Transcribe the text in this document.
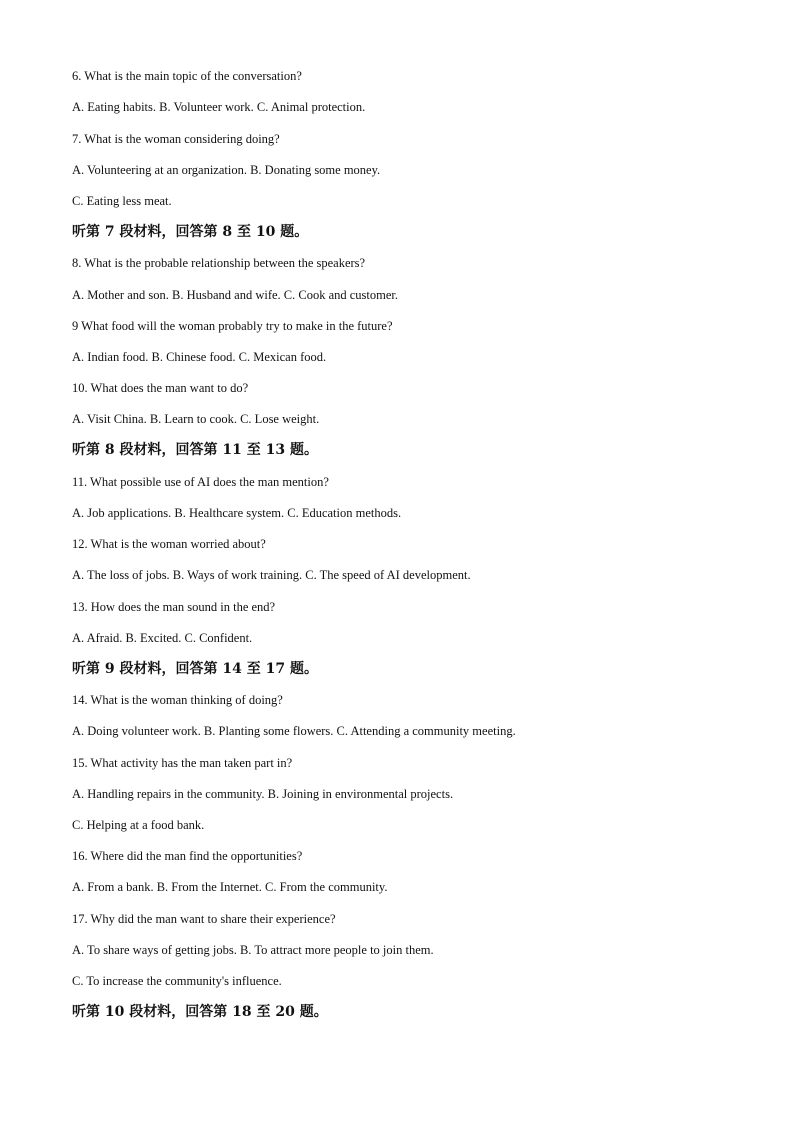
6. What is the main topic of the conversation?
A. Eating habits. B. Volunteer work. C. Animal protection.
7. What is the woman considering doing?
A. Volunteering at an organization. B. Donating some money.
C. Eating less meat.
听第 7 段材料，回答第 8 至 10 题。
8. What is the probable relationship between the speakers?
A. Mother and son. B. Husband and wife. C. Cook and customer.
9 What food will the woman probably try to make in the future?
A. Indian food. B. Chinese food. C. Mexican food.
10. What does the man want to do?
A. Visit China. B. Learn to cook. C. Lose weight.
听第 8 段材料，回答第 11 至 13 题。
11. What possible use of AI does the man mention?
A. Job applications. B. Healthcare system. C. Education methods.
12. What is the woman worried about?
A. The loss of jobs. B. Ways of work training. C. The speed of AI development.
13. How does the man sound in the end?
A. Afraid. B. Excited. C. Confident.
听第 9 段材料，回答第 14 至 17 题。
14. What is the woman thinking of doing?
A. Doing volunteer work. B. Planting some flowers. C. Attending a community meeting.
15. What activity has the man taken part in?
A. Handling repairs in the community. B. Joining in environmental projects.
C. Helping at a food bank.
16. Where did the man find the opportunities?
A. From a bank. B. From the Internet. C. From the community.
17. Why did the man want to share their experience?
A. To share ways of getting jobs. B. To attract more people to join them.
C. To increase the community's influence.
听第 10 段材料，回答第 18 至 20 题。
